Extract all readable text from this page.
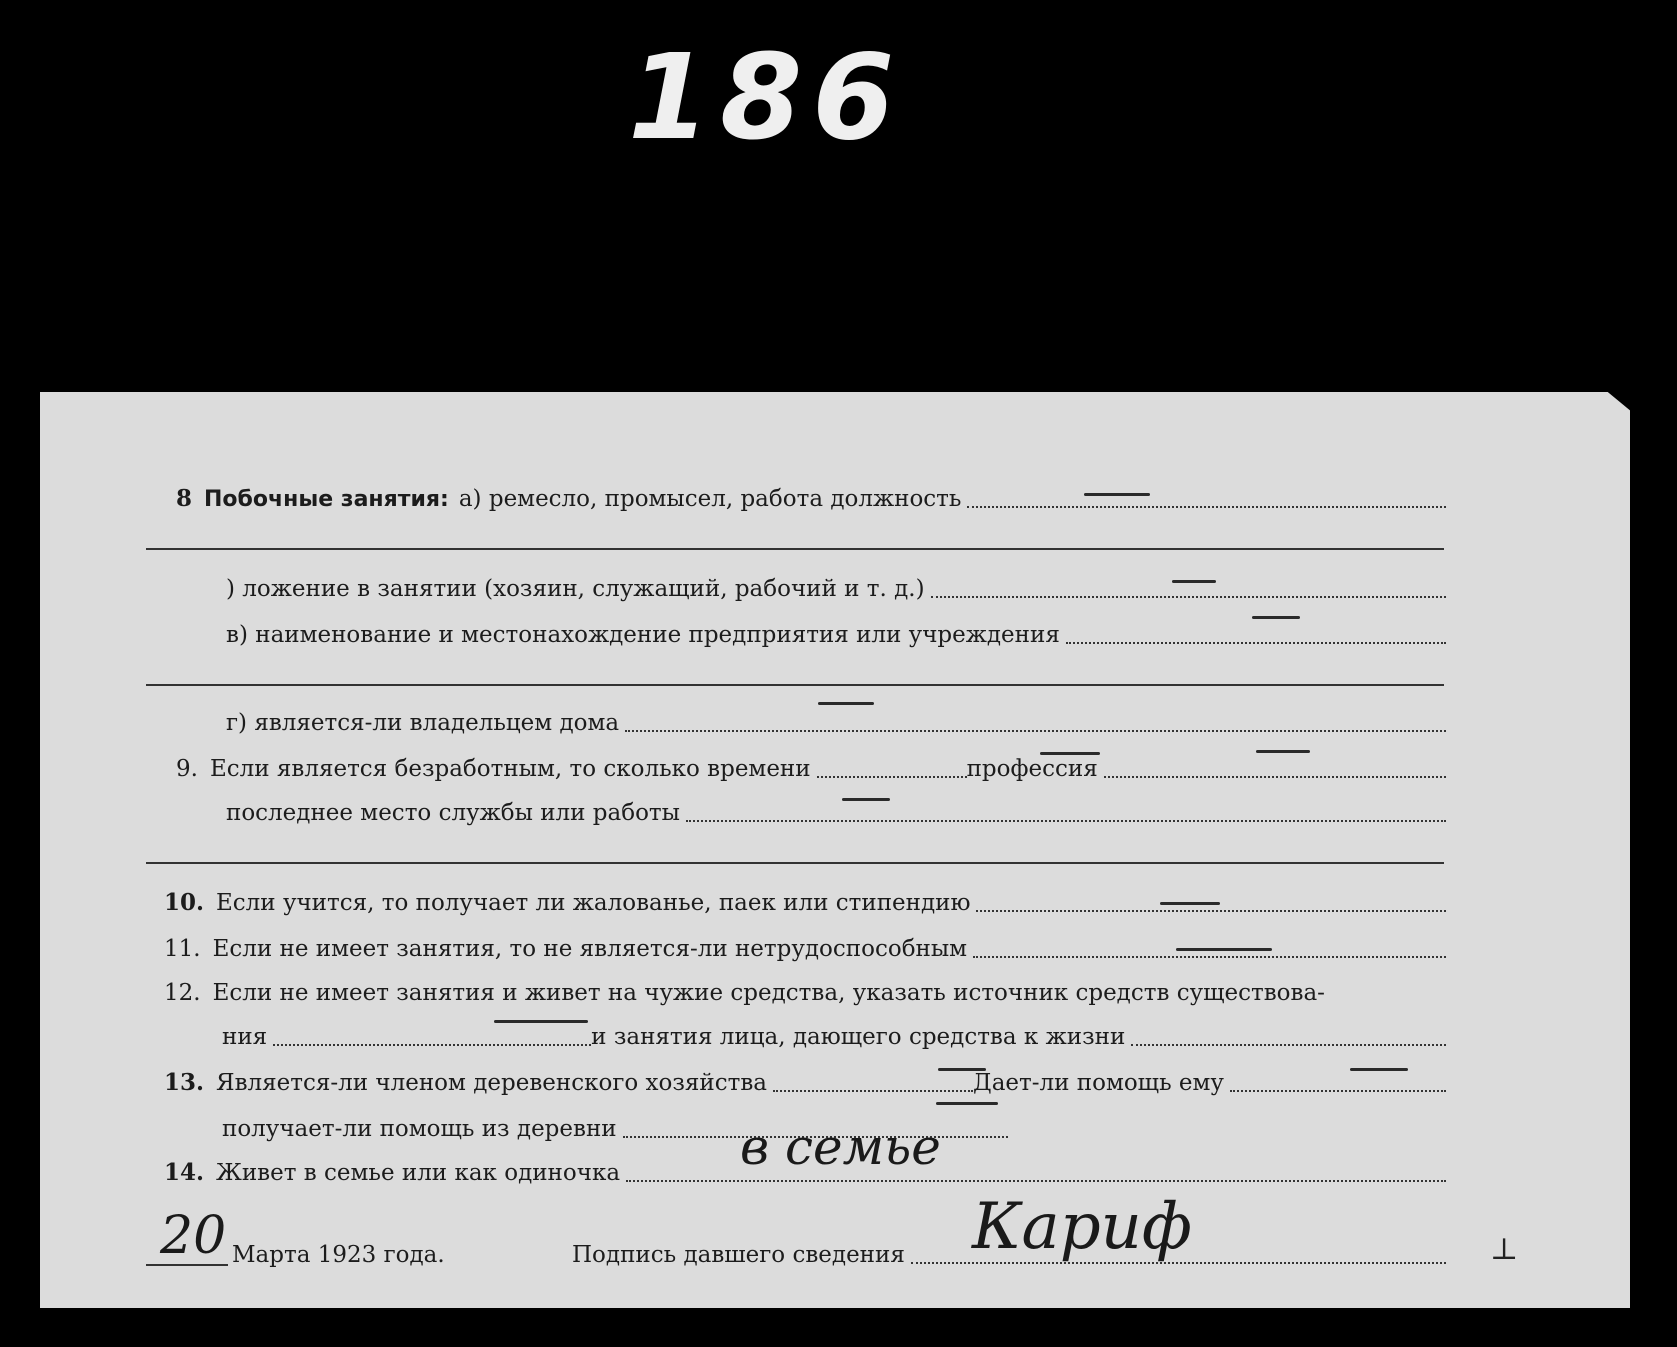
186
8 Побочные занятия: а) ремесло, промысел, работа должность
) ложение в занятии (хозяин, служащий, рабочий и т. д.)
в) наименование и местонахождение предприятия или учреждения
г) является-ли владельцем дома
9. Если является безработным, то сколько времени	профессия
последнее место службы или работы
10. Если учится, то получает ли жалованье, паек или стипендию
11. Если не имеет занятия, то не является-ли нетрудоспособным
12. Если не имеет занятия и живет на чужие средства, указать источник средств существова-
ния	и занятия лица, дающего средства к жизни
13. Является-ли членом деревенского хозяйства	Дает-ли помощь ему
получает-ли помощь из деревни
14. Живет в семье или как одиночка в семье
20 Марта 1923 года.	Подпись давшего сведения Кариф	⊥
